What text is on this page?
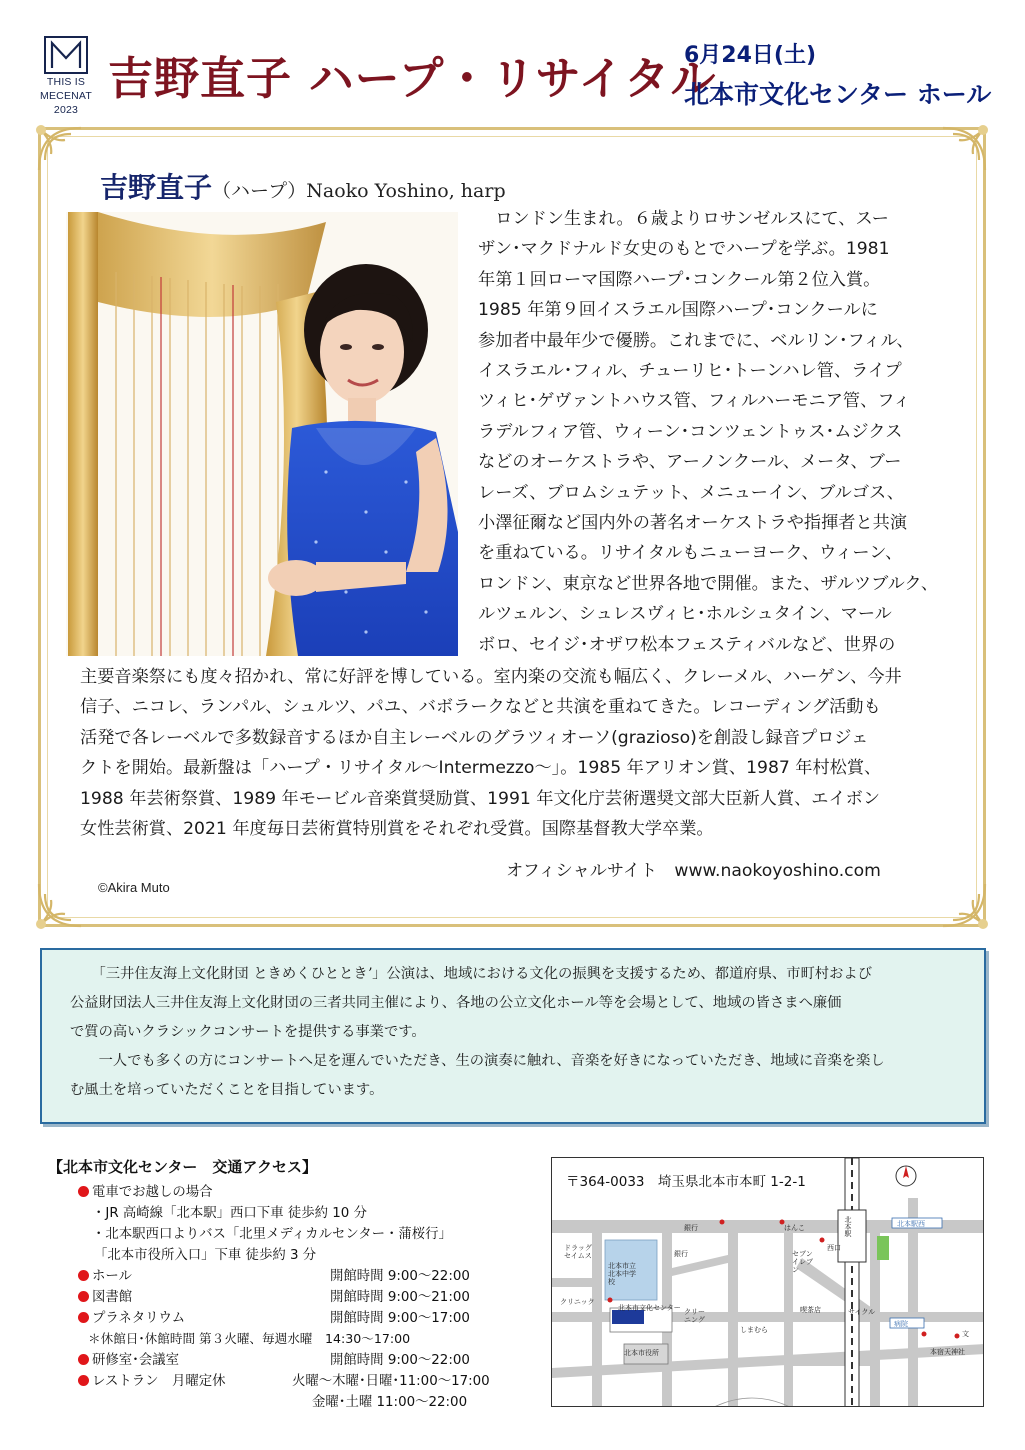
THIS IS
MECENAT
2023
吉野直子 ハープ・リサイタル
6月24日(土)
北本市文化センター ホール
吉野直子（ハープ）Naoko Yoshino, harp
　ロンドン生まれ。６歳よりロサンゼルスにて、スー
ザン･マクドナルド女史のもとでハープを学ぶ。1981
年第１回ローマ国際ハープ･コンクール第２位入賞。
1985 年第９回イスラエル国際ハープ･コンクールに
参加者中最年少で優勝。これまでに、ベルリン･フィル、
イスラエル･フィル、チューリヒ･トーンハレ管、ライプ
ツィヒ･ゲヴァントハウス管、フィルハーモニア管、フィ
ラデルフィア管、ウィーン･コンツェントゥス･ムジクス
などのオーケストラや、アーノンクール、メータ、ブー
レーズ、ブロムシュテット、メニューイン、ブルゴス、
小澤征爾など国内外の著名オーケストラや指揮者と共演
を重ねている。リサイタルもニューヨーク、ウィーン、
ロンドン、東京など世界各地で開催。また、ザルツブルク、
ルツェルン、シュレスヴィヒ･ホルシュタイン、マール
ボロ、セイジ･オザワ松本フェスティバルなど、世界の
主要音楽祭にも度々招かれ、常に好評を博している。室内楽の交流も幅広く、クレーメル、ハーゲン、今井
信子、ニコレ、ランパル、シュルツ、パユ、バボラークなどと共演を重ねてきた。レコーディング活動も
活発で各レーベルで多数録音するほか自主レーベルのグラツィオーソ(grazioso)を創設し録音プロジェ
クトを開始。最新盤は「ハープ・リサイタル～Intermezzo～」。1985 年アリオン賞、1987 年村松賞、
1988 年芸術祭賞、1989 年モービル音楽賞奨励賞、1991 年文化庁芸術選奨文部大臣新人賞、エイボン
女性芸術賞、2021 年度毎日芸術賞特別賞をそれぞれ受賞。国際基督教大学卒業。
オフィシャルサイト　www.naokoyoshino.com
©Akira Muto

　　「三井住友海上文化財団 ときめくひとときʼ」公演は、地域における文化の振興を支援するため、都道府県、市町村および
公益財団法人三井住友海上文化財団の三者共同主催により、各地の公立文化ホール等を会場として、地域の皆さまへ廉価
で質の高いクラシックコンサートを提供する事業です。

　　一人でも多くの方にコンサートへ足を運んでいただき、生の演奏に触れ、音楽を好きになっていただき、地域に音楽を楽し
む風土を培っていただくことを目指しています。

【北本市文化センター　交通アクセス】
電車でお越しの場合
・JR 高崎線「北本駅」西口下車 徒歩約 10 分
・北本駅西口よりバス「北里メディカルセンター・蒲桜行」
「北本市役所入口」下車 徒歩約 3 分
ホール	開館時間 9:00～22:00
図書館	開館時間 9:00～21:00
プラネタリウム	開館時間 9:00～17:00
＊休館日･休館時間 第３火曜、毎週水曜　14:30～17:00
研修室･会議室	開館時間 9:00～22:00
レストラン　月曜定休	火曜～木曜･日曜･11:00～17:00
金曜･土曜 11:00～22:00
〒364-0033　埼玉県北本市本町 1-2-1
銀行	はんこ	北本駅
西口
北本駅西
ドラッグセイムス
北本市立北本中学校
銀行	セブンイレブン
クリニック
北本市文化センター クリーニング
喫茶店
しまむら
サイクル
北本市役所
病院
文
本宿天神社
